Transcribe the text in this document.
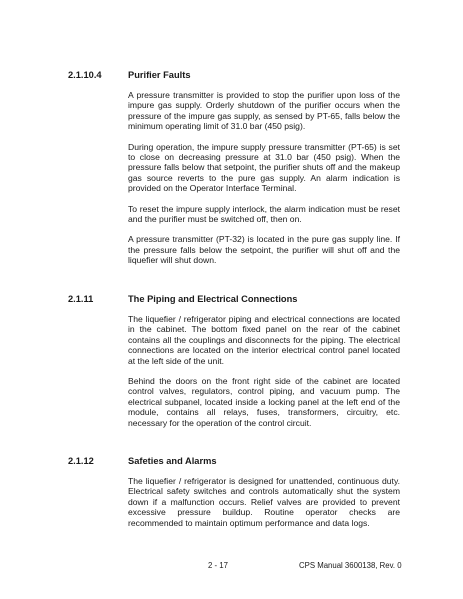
2.1.10.4	Purifier Faults

A pressure transmitter is provided to stop the purifier upon loss of the impure gas supply. Orderly shutdown of the purifier occurs when the pressure of the impure gas supply, as sensed by PT-65, falls below the minimum operating limit of 31.0 bar (450 psig).

During operation, the impure supply pressure transmitter (PT-65) is set to close on decreasing pressure at 31.0 bar (450 psig). When the pressure falls below that setpoint, the purifier shuts off and the makeup gas source reverts to the pure gas supply. An alarm indication is provided on the Operator Interface Terminal.

To reset the impure supply interlock, the alarm indication must be reset and the purifier must be switched off, then on.

A pressure transmitter (PT-32) is located in the pure gas supply line. If the pressure falls below the setpoint, the purifier will shut off and the liquefier will shut down.

2.1.11	The Piping and Electrical Connections

The liquefier / refrigerator piping and electrical connections are located in the cabinet. The bottom fixed panel on the rear of the cabinet contains all the couplings and disconnects for the piping. The electrical connections are located on the interior electrical control panel located at the left side of the unit.

Behind the doors on the front right side of the cabinet are located control valves, regulators, control piping, and vacuum pump. The electrical subpanel, located inside a locking panel at the left end of the module, contains all relays, fuses, transformers, circuitry, etc. necessary for the operation of the control circuit.

2.1.12	Safeties and Alarms

The liquefier / refrigerator is designed for unattended, continuous duty. Electrical safety switches and controls automatically shut the system down if a malfunction occurs. Relief valves are provided to prevent excessive pressure buildup. Routine operator checks are recommended to maintain optimum performance and data logs.

2 - 17	CPS Manual 3600138, Rev. 0
